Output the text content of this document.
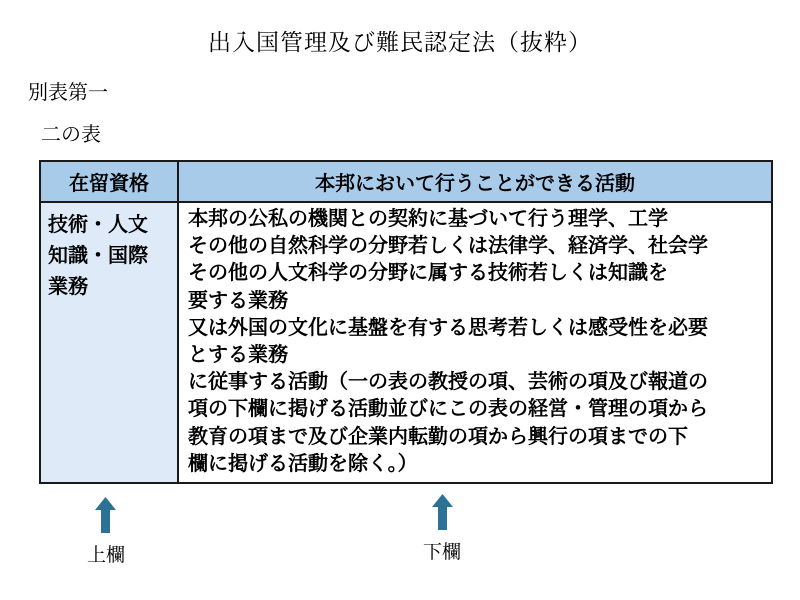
出入国管理及び難民認定法（抜粋）
別表第一
二の表
在留資格	本邦において行うことができる活動

技術・人文
知識・国際
業務

本邦の公私の機関との契約に基づいて行う理学、工学
その他の自然科学の分野若しくは法律学、経済学、社会学
その他の人文科学の分野に属する技術若しくは知識を
要する業務
又は外国の文化に基盤を有する思考若しくは感受性を必要
とする業務
に従事する活動（一の表の教授の項、芸術の項及び報道の
項の下欄に掲げる活動並びにこの表の経営・管理の項から
教育の項まで及び企業内転勤の項から興行の項までの下
欄に掲げる活動を除く。）
上欄	下欄
